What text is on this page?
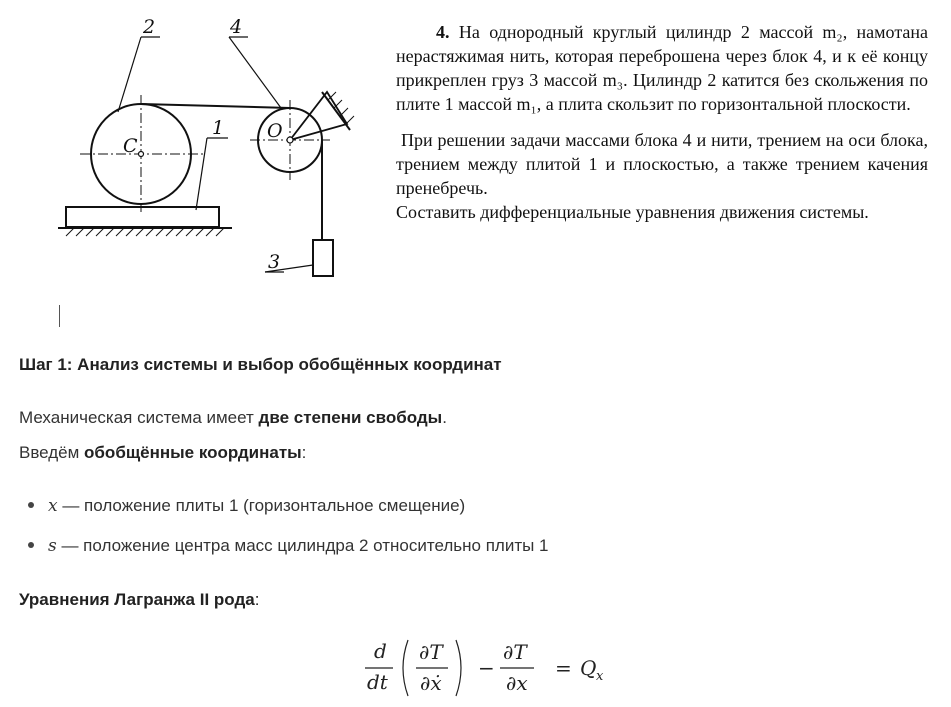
2	4
1
3
C
O

4. На однородный круглый цилиндр 2 массой m₂, намотана нерастяжимая нить, которая переброшена через блок 4, и к её концу прикреплен груз 3 массой m₃. Цилиндр 2 катится без скольжения по плите 1 массой m₁, а плита скользит по горизонтальной плоскости.

При решении задачи массами блока 4 и нити, трением на оси блока, трением между плитой 1 и плоскостью, а также трением качения пренебречь.
Составить дифференциальные уравнения движения системы.

Шаг 1: Анализ системы и выбор обобщённых координат
Механическая система имеет две степени свободы.
Введём обобщённые координаты:
x — положение плиты 1 (горизонтальное смещение)
s — положение центра масс цилиндра 2 относительно плиты 1
Уравнения Лагранжа II рода:
d
dt
∂T
∂ẋ
∂T
∂x
Q x
−	=
